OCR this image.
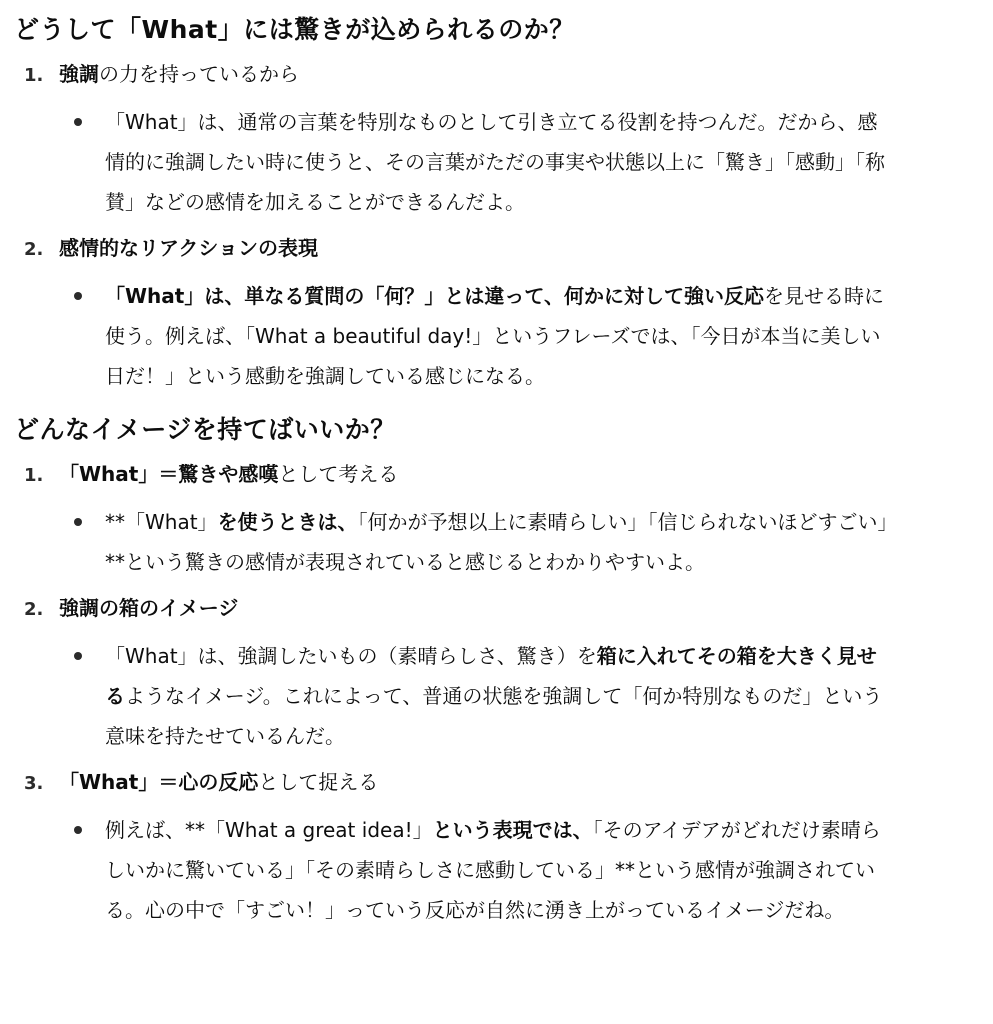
どうして「What」には驚きが込められるのか？
1. 強調の力を持っているから
「What」は、通常の言葉を特別なものとして引き立てる役割を持つんだ。だから、感情的に強調したい時に使うと、その言葉がただの事実や状態以上に「驚き」「感動」「称賛」などの感情を加えることができるんだよ。
2. 感情的なリアクションの表現
「What」は、単なる質問の「何？」とは違って、何かに対して強い反応を見せる時に使う。例えば、「What a beautiful day!」というフレーズでは、「今日が本当に美しい日だ！」という感動を強調している感じになる。
どんなイメージを持てばいいか？
1. 「What」＝驚きや感嘆として考える
**「What」を使うときは、「何かが予想以上に素晴らしい」「信じられないほどすごい」**という驚きの感情が表現されていると感じるとわかりやすいよ。
2. 強調の箱のイメージ
「What」は、強調したいもの（素晴らしさ、驚き）を箱に入れてその箱を大きく見せるようなイメージ。これによって、普通の状態を強調して「何か特別なものだ」という意味を持たせているんだ。
3. 「What」＝心の反応として捉える
例えば、**「What a great idea!」という表現では、「そのアイデアがどれだけ素晴らしいかに驚いている」「その素晴らしさに感動している」**という感情が強調されている。心の中で「すごい！」っていう反応が自然に湧き上がっているイメージだね。
